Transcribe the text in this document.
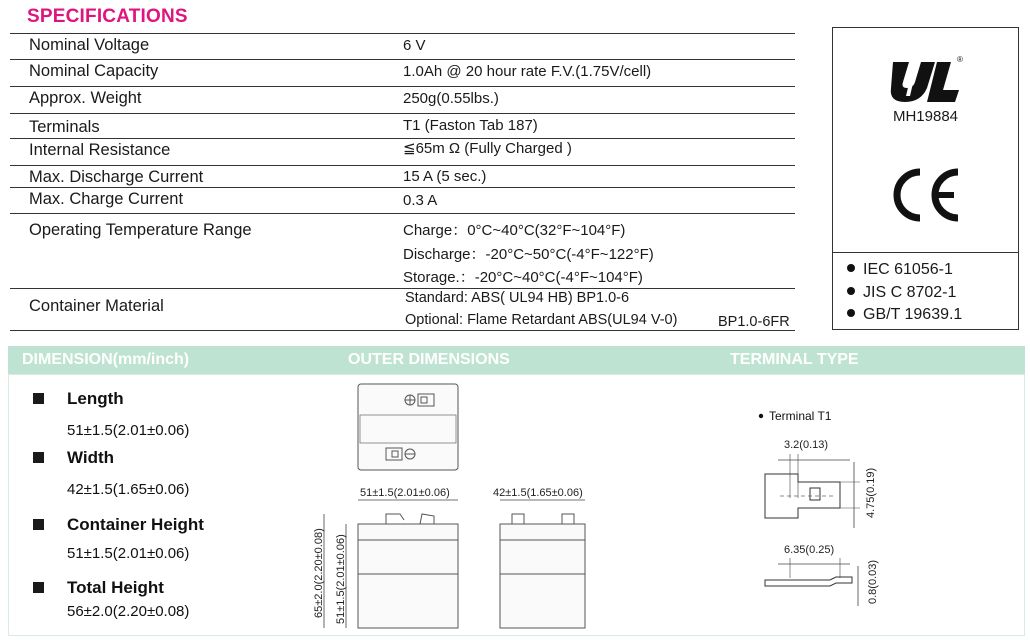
SPECIFICATIONS
Nominal Voltage	6 V
Nominal Capacity	1.0Ah @ 20 hour rate F.V.(1.75V/cell)
Approx. Weight	250g(0.55lbs.)
Terminals	T1 (Faston Tab 187)
Internal Resistance	≦65m Ω (Fully Charged )
Max. Discharge Current	15 A (5 sec.)
Max. Charge Current	0.3 A
Operating Temperature Range	Charge：0°C~40°C(32°F~104°F)
Discharge：-20°C~50°C(-4°F~122°F)
Storage.：-20°C~40°C(-4°F~104°F)
Container Material	Standard: ABS( UL94 HB) BP1.0-6
Optional: Flame Retardant ABS(UL94 V-0)	BP1.0-6FR
®
MH19884
IEC 61056-1
JIS C 8702-1
GB/T 19639.1
DIMENSION(mm/inch)	OUTER DIMENSIONS	TERMINAL TYPE
Length
51±1.5(2.01±0.06)
Width
42±1.5(1.65±0.06)
Container Height
51±1.5(2.01±0.06)
Total Height
56±2.0(2.20±0.08)
51±1.5(2.01±0.06)
65±2.0(2.20±0.08) 51±1.5(2.01±0.06)
42±1.5(1.65±0.06)
Terminal T1
3.2(0.13)
4.75(0.19)
6.35(0.25)
0.8(0.03)
